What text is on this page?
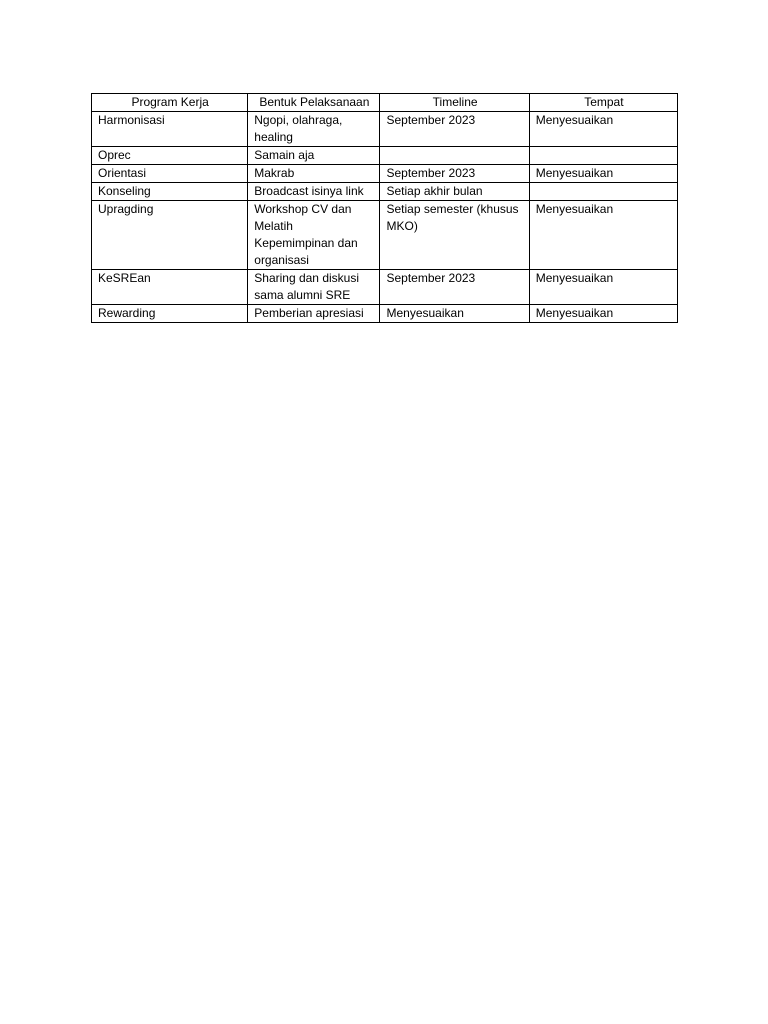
Program Kerja	Bentuk Pelaksanaan	Timeline	Tempat
Harmonisasi	Ngopi, olahraga, healing	September 2023	Menyesuaikan
Oprec	Samain aja		
Orientasi	Makrab	September 2023	Menyesuaikan
Konseling	Broadcast isinya link	Setiap akhir bulan	
Upragding	Workshop CV dan Melatih Kepemimpinan dan organisasi	Setiap semester (khusus MKO)	Menyesuaikan
KeSREan	Sharing dan diskusi sama alumni SRE	September 2023	Menyesuaikan
Rewarding	Pemberian apresiasi	Menyesuaikan	Menyesuaikan
